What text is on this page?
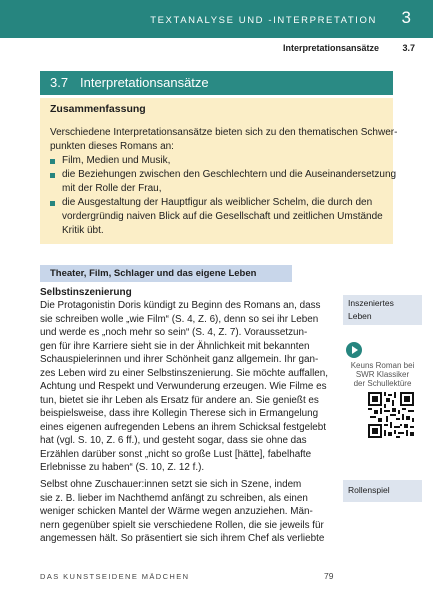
TEXTANALYSE UND -INTERPRETATION 3
Interpretationsansätze	3.7
3.7 Interpretationsansätze
Zusammenfassung
Verschiedene Interpretationsansätze bieten sich zu den thematischen Schwer-
punkten dieses Romans an:
Film, Medien und Musik,
die Beziehungen zwischen den Geschlechtern und die Auseinandersetzung
mit der Rolle der Frau,
die Ausgestaltung der Hauptfigur als weiblicher Schelm, die durch den
vordergründig naiven Blick auf die Gesellschaft und zeitlichen Umstände
Kritik übt.
Theater, Film, Schlager und das eigene Leben
Selbstinszenierung
Die Protagonistin Doris kündigt zu Beginn des Romans an, dass
sie schreiben wolle „wie Film“ (S. 4, Z. 6), denn so sei ihr Leben
und werde es „noch mehr so sein“ (S. 4, Z. 7). Voraussetzun-
gen für ihre Karriere sieht sie in der Ähnlichkeit mit bekannten
Schauspielerinnen und ihrer Schönheit ganz allgemein. Ihr gan-
zes Leben wird zu einer Selbstinszenierung. Sie möchte auffallen,
Achtung und Respekt und Verwunderung erzeugen. Wie Filme es
tun, bietet sie ihr Leben als Ersatz für andere an. Sie genießt es
beispielsweise, dass ihre Kollegin Therese sich in Ermangelung
eines eigenen aufregenden Lebens an ihrem Schicksal festgelebt
hat (vgl. S. 10, Z. 6 ff.), und gesteht sogar, dass sie ohne das
Erzählen darüber sonst „nicht so große Lust [hätte], fabelhafte
Erlebnisse zu haben“ (S. 10, Z. 12 f.).
Selbst ohne Zuschauer:innen setzt sie sich in Szene, indem
sie z. B. lieber im Nachthemd anfängt zu schreiben, als einen
weniger schicken Mantel der Wärme wegen anzuziehen. Män-
nern gegenüber spielt sie verschiedene Rollen, die sie jeweils für
angemessen hält. So präsentiert sie sich ihrem Chef als verliebte
Inszeniertes
Leben
Keuns Roman bei
SWR Klassiker
der Schullektüre
Rollenspiel
DAS KUNSTSEIDENE MÄDCHEN	79
